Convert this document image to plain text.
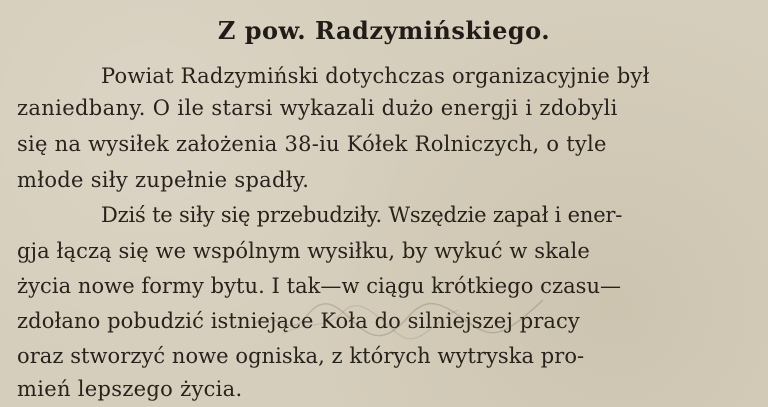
Z pow. Radzymińskiego.
Powiat Radzymiński dotychczas organizacyjnie był
zaniedbany. O ile starsi wykazali dużo energji i zdobyli
się na wysiłek założenia 38-iu Kółek Rolniczych, o tyle
młode siły zupełnie spadły.
Dziś te siły się przebudziły. Wszędzie zapał i ener-
gja łączą się we wspólnym wysiłku, by wykuć w skale
życia nowe formy bytu. I tak—w ciągu krótkiego czasu—
zdołano pobudzić istniejące Koła do silniejszej pracy
oraz stworzyć nowe ogniska, z których wytryska pro-
mień lepszego życia.
